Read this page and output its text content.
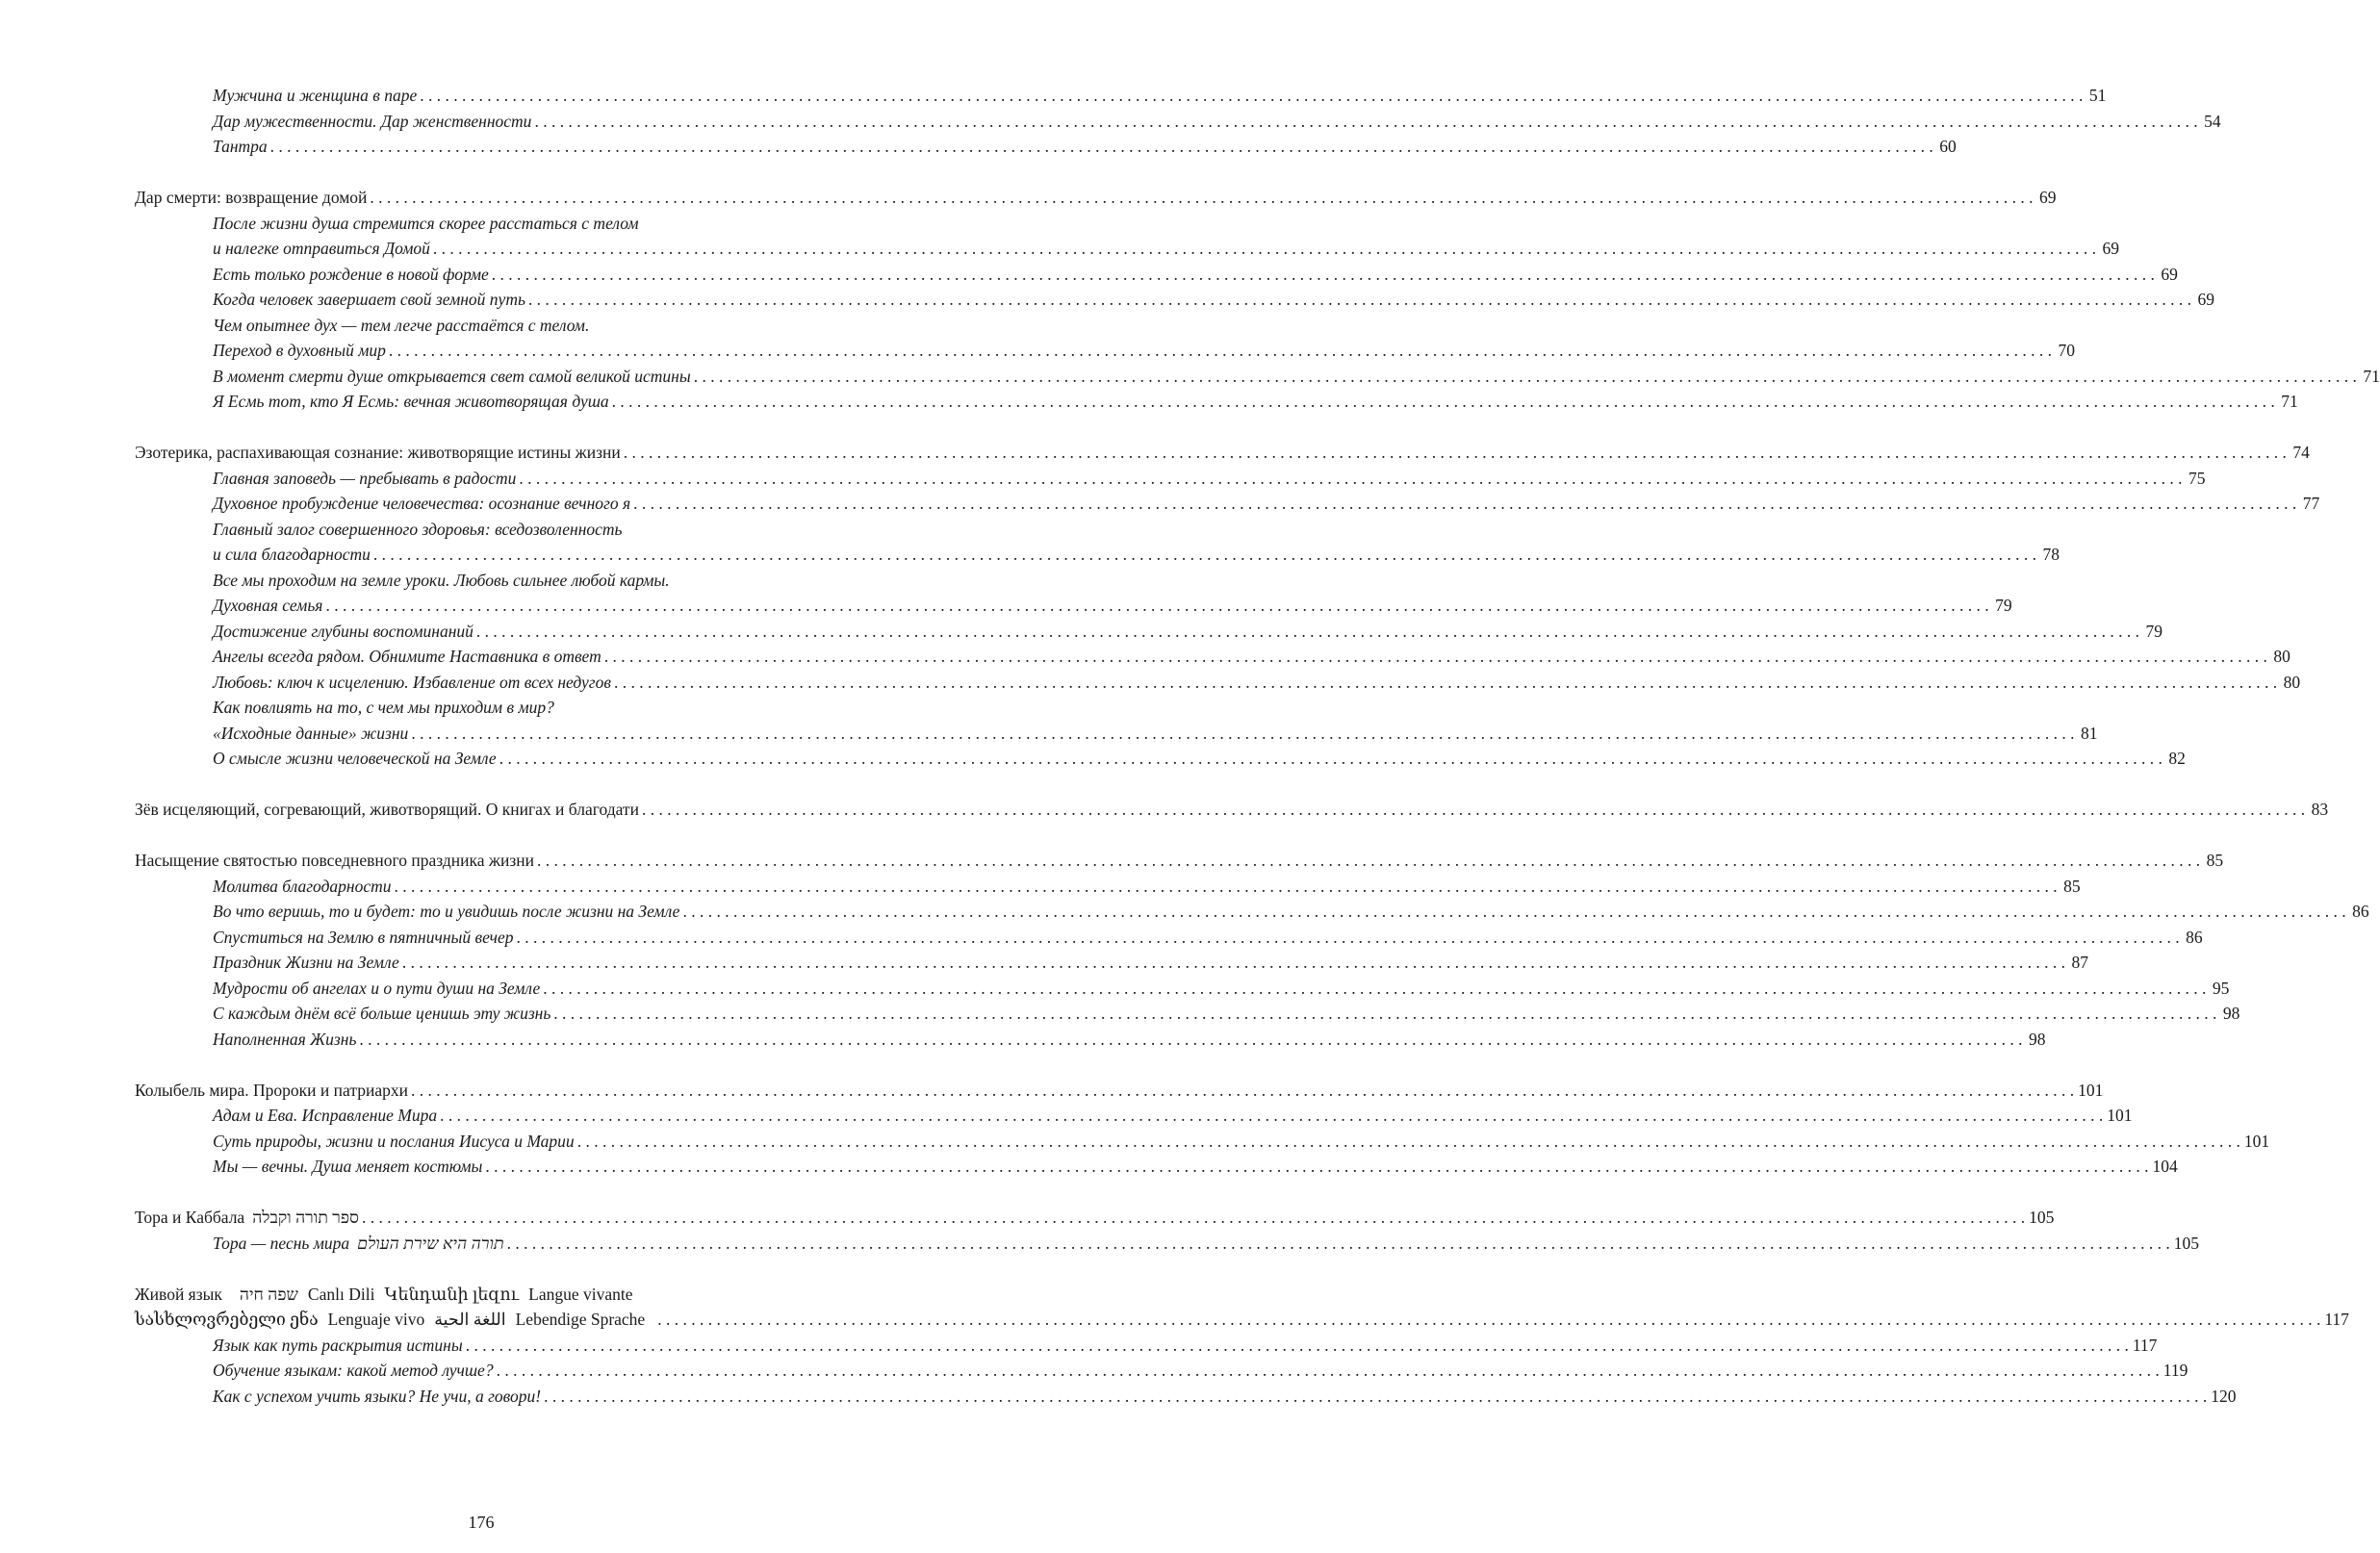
Мужчина и женщина в паре . . .	51
Дар мужественности. Дар женственности . . .	54
Тантра . . .	60
Дар смерти: возвращение домой . . .	69
После жизни душа стремится скорее расстаться с телом
и налегке отправиться Домой . . .	69
Есть только рождение в новой форме . . .	69
Когда человек завершает свой земной путь . . .	69
Чем опытнее дух — тем легче расстаётся с телом.
Переход в духовный мир . . .	70
В момент смерти душе открывается свет самой великой истины . . .	71
Я Есмь тот, кто Я Есмь: вечная животворящая душа . . .	71
Эзотерика, распахивающая сознание: животворящие истины жизни . . .	74
Главная заповедь — пребывать в радости . . .	75
Духовное пробуждение человечества: осознание вечного я . . .	77
Главный залог совершенного здоровья: вседозволенность
и сила благодарности . . .	78
Все мы проходим на земле уроки. Любовь сильнее любой кармы.
Духовная семья . . .	79
Достижение глубины воспоминаний . . .	79
Ангелы всегда рядом. Обнимите Наставника в ответ . . .	80
Любовь: ключ к исцелению. Избавление от всех недугов . . .	80
Как повлиять на то, с чем мы приходим в мир?
«Исходные данные» жизни . . .	81
О смысле жизни человеческой на Земле . . .	82
Зёв исцеляющий, согревающий, животворящий. О книгах и благодати . . .	83
Насыщение святостью повседневного праздника жизни . . .	85
Молитва благодарности . . .	85
Во что веришь, то и будет: то и увидишь после жизни на Земле . . .	86
Спуститься на Землю в пятничный вечер . . .	86
Праздник Жизни на Земле . . .	87
Мудрости об ангелах и о пути души на Земле . . .	95
С каждым днём всё больше ценишь эту жизнь . . .	98
Наполненная Жизнь . . .	98
Колыбель мира. Пророки и патриархи . . .	101
Адам и Ева. Исправление Мира . . .	101
Суть природы, жизни и послания Иисуса и Марии . . .	101
Мы — вечны. Душа меняет костюмы . . .	104
Тора и Каббала ספר תורה וקבלה . . .	105
Тора — песнь мира תורה היא שירת העולם . . .	105
Живой язык שפה חיה Canlı Dili Կենդանի լեզու Langue vivante
სასხლოვრებელი ენა Lenguaje vivo اللغة الحية Lebendige Sprache . . .	117
Язык как путь раскрытия истины . . .	117
Обучение языкам: какой метод лучше? . . .	119
Как с успехом учить языки? Не учи, а говори! . . .	120
176
